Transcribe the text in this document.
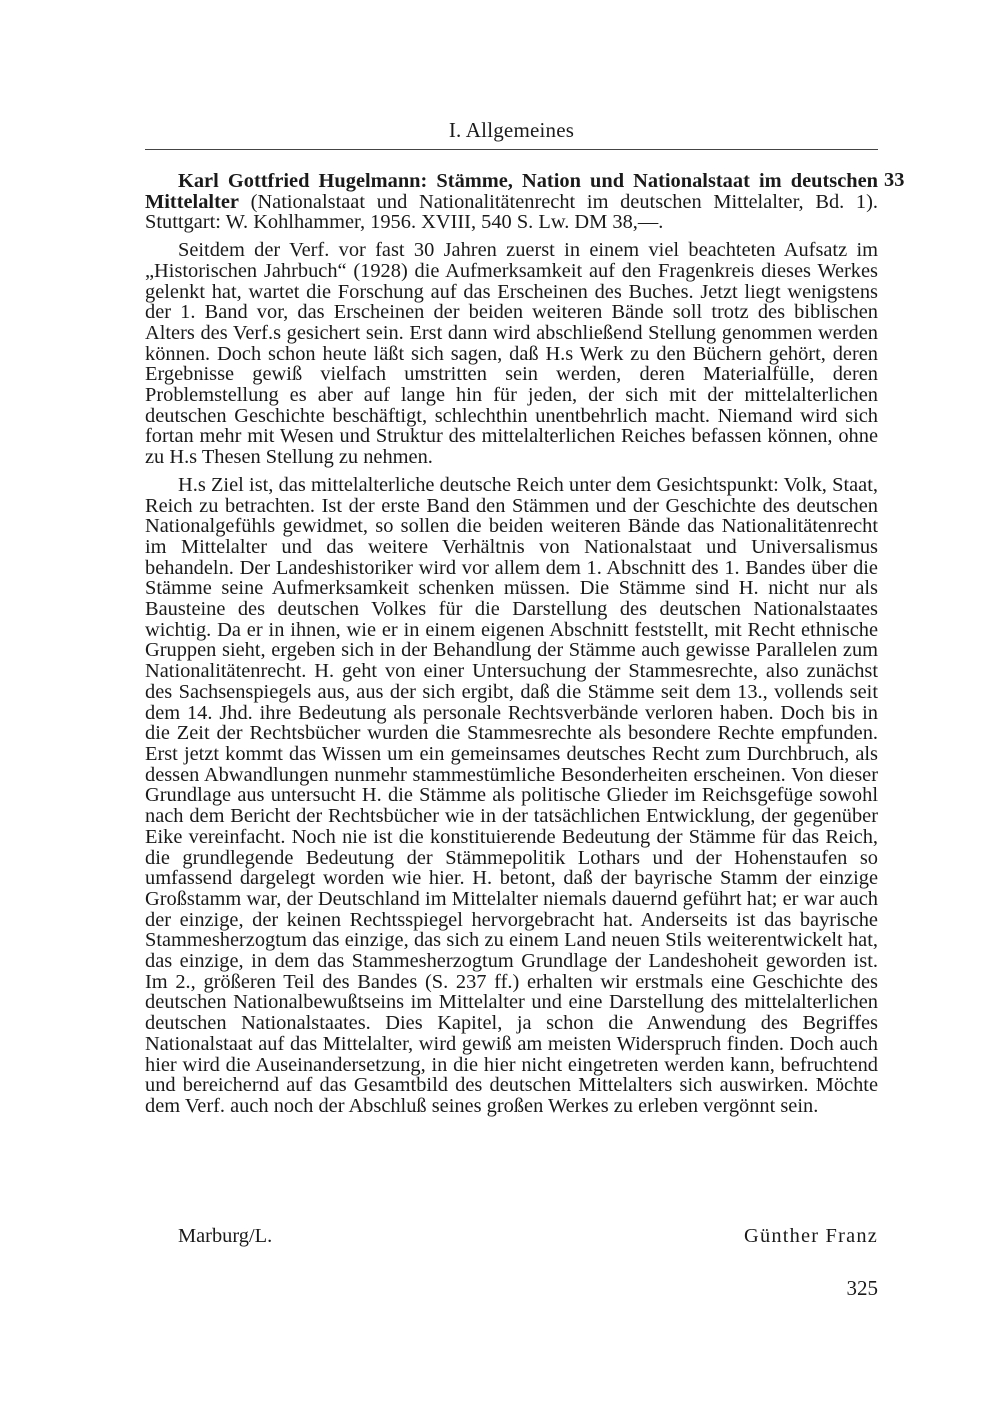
I. Allgemeines
33

Karl Gottfried Hugelmann: Stämme, Nation und Nationalstaat im deutschen Mittelalter (Nationalstaat und Nationalitätenrecht im deutschen Mittelalter, Bd. 1). Stuttgart: W. Kohlhammer, 1956. XVIII, 540 S. Lw. DM 38,—.

Seitdem der Verf. vor fast 30 Jahren zuerst in einem viel beachteten Aufsatz im „Historischen Jahrbuch“ (1928) die Aufmerksamkeit auf den Fragenkreis dieses Werkes gelenkt hat, wartet die Forschung auf das Erscheinen des Buches. Jetzt liegt wenigstens der 1. Band vor, das Erscheinen der beiden weiteren Bände soll trotz des biblischen Alters des Verf.s gesichert sein. Erst dann wird abschließend Stellung genommen werden können. Doch schon heute läßt sich sagen, daß H.s Werk zu den Büchern gehört, deren Ergebnisse gewiß vielfach umstritten sein werden, deren Materialfülle, deren Problemstellung es aber auf lange hin für jeden, der sich mit der mittelalterlichen deutschen Geschichte beschäftigt, schlechthin unentbehrlich macht. Niemand wird sich fortan mehr mit Wesen und Struktur des mittelalterlichen Reiches befassen können, ohne zu H.s Thesen Stellung zu nehmen.

H.s Ziel ist, das mittelalterliche deutsche Reich unter dem Gesichtspunkt: Volk, Staat, Reich zu betrachten. Ist der erste Band den Stämmen und der Geschichte des deutschen Nationalgefühls gewidmet, so sollen die beiden weiteren Bände das Nationalitätenrecht im Mittelalter und das weitere Verhältnis von Nationalstaat und Universalismus behandeln. Der Landeshistoriker wird vor allem dem 1. Abschnitt des 1. Bandes über die Stämme seine Aufmerksamkeit schenken müssen. Die Stämme sind H. nicht nur als Bausteine des deutschen Volkes für die Darstellung des deutschen Nationalstaates wichtig. Da er in ihnen, wie er in einem eigenen Abschnitt feststellt, mit Recht ethnische Gruppen sieht, ergeben sich in der Behandlung der Stämme auch gewisse Parallelen zum Nationalitätenrecht. H. geht von einer Untersuchung der Stammesrechte, also zunächst des Sachsenspiegels aus, aus der sich ergibt, daß die Stämme seit dem 13., vollends seit dem 14. Jhd. ihre Bedeutung als personale Rechtsverbände verloren haben. Doch bis in die Zeit der Rechtsbücher wurden die Stammesrechte als besondere Rechte empfunden. Erst jetzt kommt das Wissen um ein gemeinsames deutsches Recht zum Durchbruch, als dessen Abwandlungen nunmehr stammestümliche Besonderheiten erscheinen. Von dieser Grundlage aus untersucht H. die Stämme als politische Glieder im Reichsgefüge sowohl nach dem Bericht der Rechtsbücher wie in der tatsächlichen Entwicklung, der gegenüber Eike vereinfacht. Noch nie ist die konstituierende Bedeutung der Stämme für das Reich, die grundlegende Bedeutung der Stämmepolitik Lothars und der Hohenstaufen so umfassend dargelegt worden wie hier. H. betont, daß der bayrische Stamm der einzige Großstamm war, der Deutschland im Mittelalter niemals dauernd geführt hat; er war auch der einzige, der keinen Rechtsspiegel hervorgebracht hat. Anderseits ist das bayrische Stammesherzogtum das einzige, das sich zu einem Land neuen Stils weiterentwickelt hat, das einzige, in dem das Stammesherzogtum Grundlage der Landeshoheit geworden ist. Im 2., größeren Teil des Bandes (S. 237 ff.) erhalten wir erstmals eine Geschichte des deutschen Nationalbewußtseins im Mittelalter und eine Darstellung des mittelalterlichen deutschen Nationalstaates. Dies Kapitel, ja schon die Anwendung des Begriffes Nationalstaat auf das Mittelalter, wird gewiß am meisten Widerspruch finden. Doch auch hier wird die Auseinandersetzung, in die hier nicht eingetreten werden kann, befruchtend und bereichernd auf das Gesamtbild des deutschen Mittelalters sich auswirken. Möchte dem Verf. auch noch der Abschluß seines großen Werkes zu erleben vergönnt sein.

Marburg/L.	Günther Franz
325
